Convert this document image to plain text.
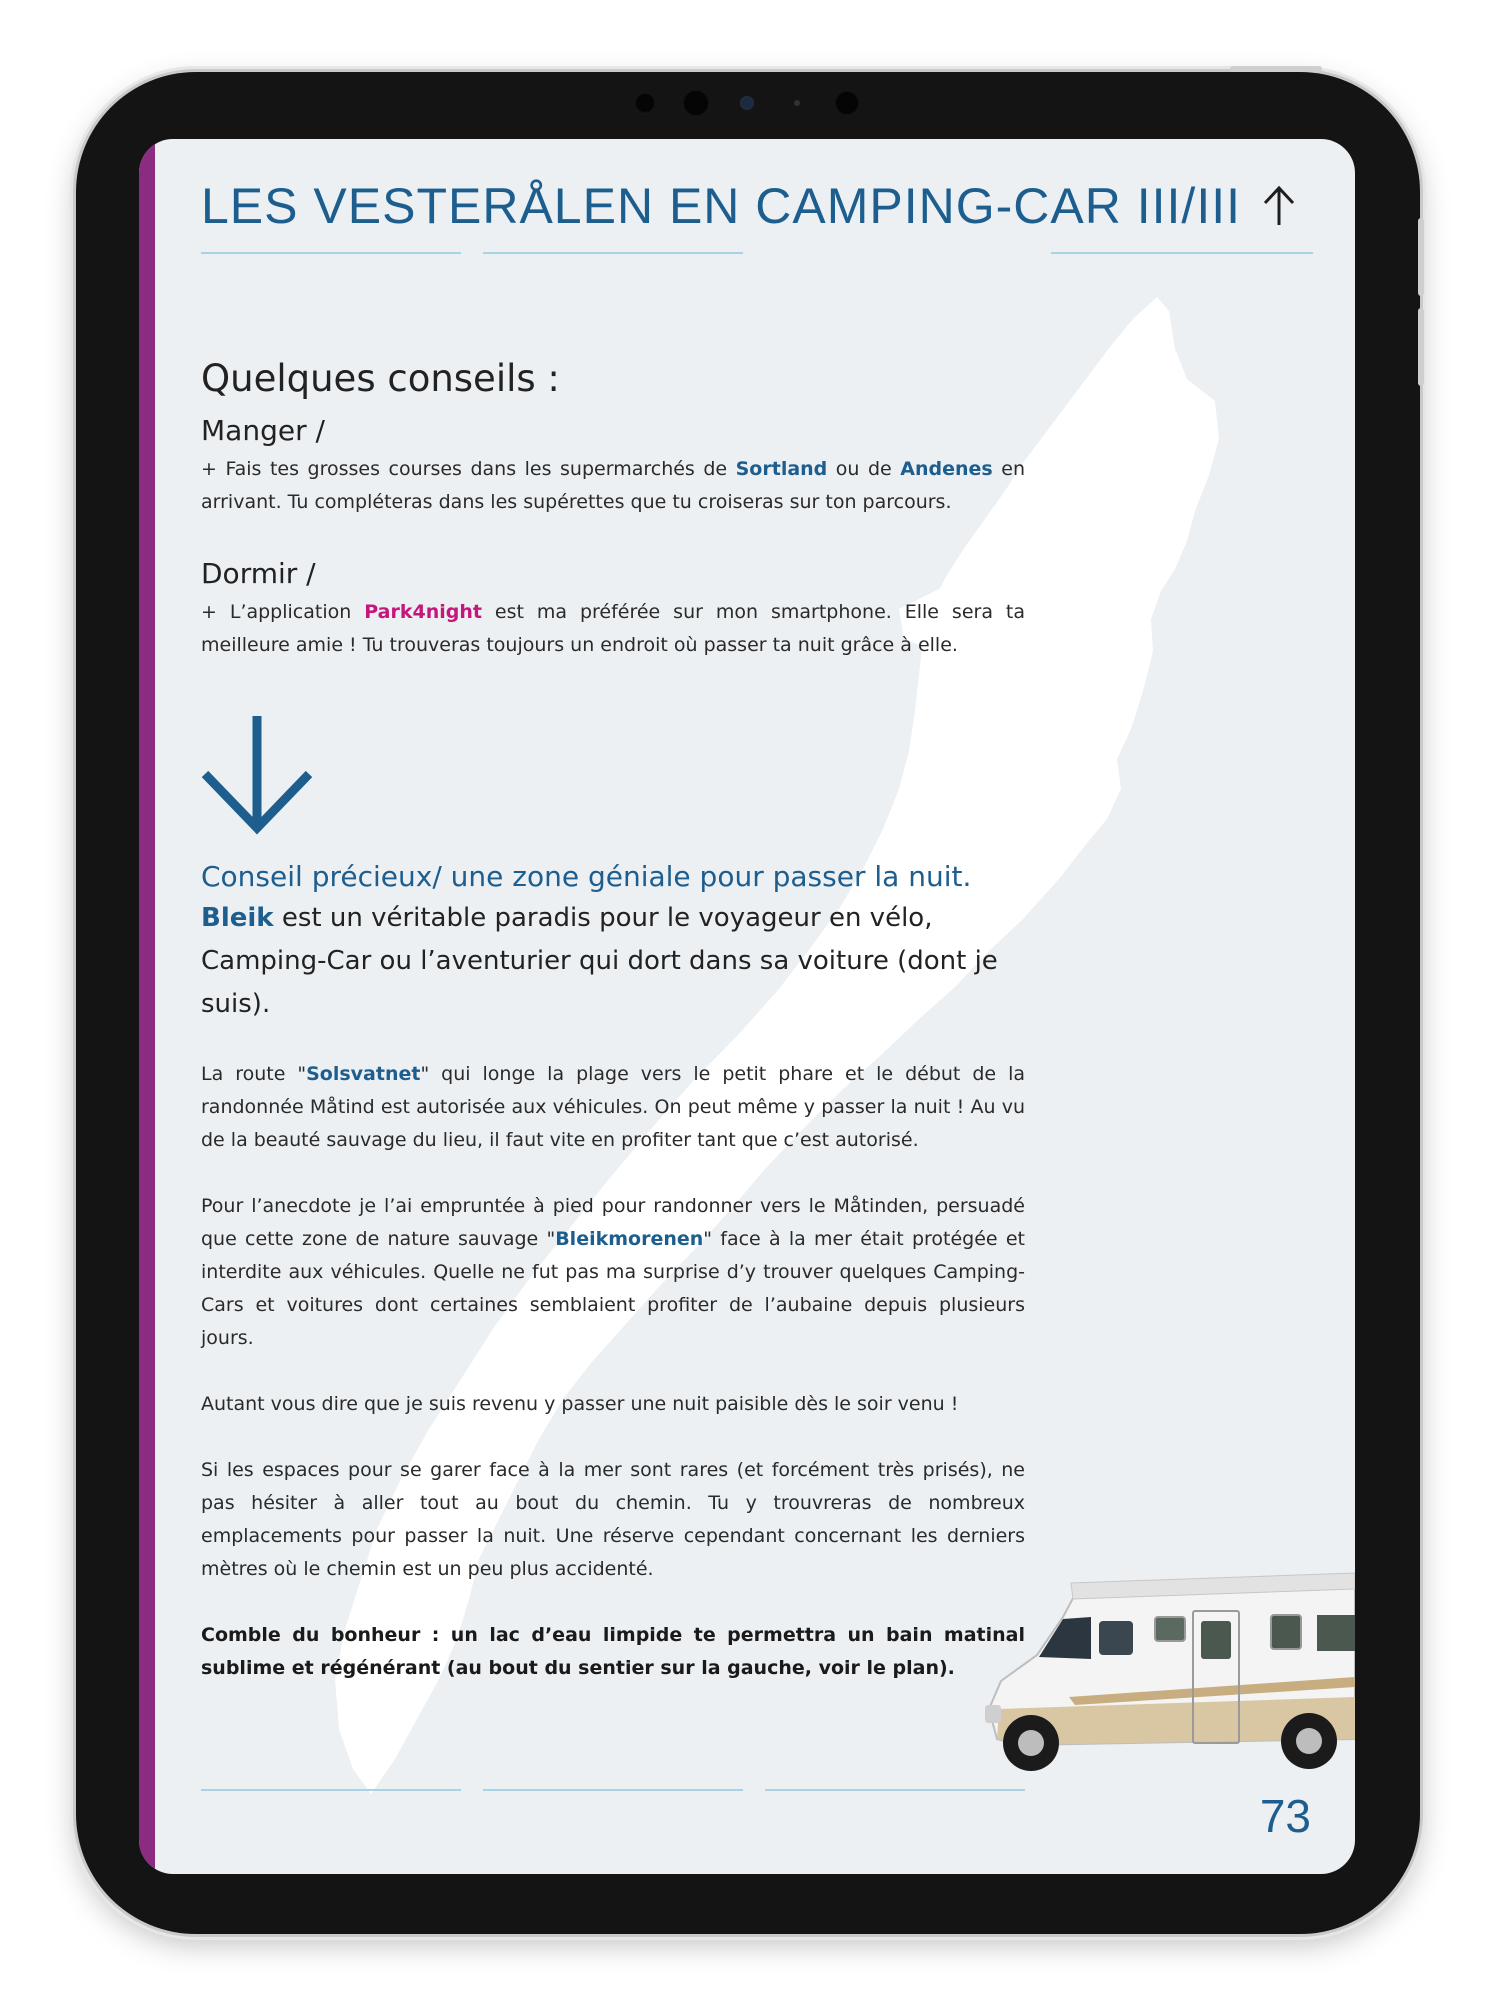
LES VESTERÅLEN EN CAMPING-CAR III/III
Quelques conseils :
Manger /

+ Fais tes grosses courses dans les supermarchés de Sortland ou de Andenes en arrivant. Tu compléteras dans les supérettes que tu croiseras sur ton parcours.

Dormir /

+ L’application Park4night est ma préférée sur mon smartphone. Elle sera ta meilleure amie ! Tu trouveras toujours un endroit où passer ta nuit grâce à elle.

Conseil précieux/ une zone géniale pour passer la nuit.

Bleik est un véritable paradis pour le voyageur en vélo, Camping-Car ou l’aventurier qui dort dans sa voiture (dont je suis).

La route "Solsvatnet" qui longe la plage vers le petit phare et le début de la randonnée Måtind est autorisée aux véhicules. On peut même y passer la nuit ! Au vu de la beauté sauvage du lieu, il faut vite en profiter tant que c’est autorisé.

Pour l’anecdote je l’ai empruntée à pied pour randonner vers le Måtinden, persuadé que cette zone de nature sauvage "Bleikmorenen" face à la mer était protégée et interdite aux véhicules. Quelle ne fut pas ma surprise d’y trouver quelques Camping-Cars et voitures dont certaines semblaient profiter de l’aubaine depuis plusieurs jours.

Autant vous dire que je suis revenu y passer une nuit paisible dès le soir venu !

Si les espaces pour se garer face à la mer sont rares (et forcément très prisés), ne pas hésiter à aller tout au bout du chemin. Tu y trouvreras de nombreux emplacements pour passer la nuit. Une réserve cependant concernant les derniers mètres où le chemin est un peu plus accidenté.

Comble du bonheur : un lac d’eau limpide te permettra un bain matinal sublime et régénérant (au bout du sentier sur la gauche, voir le plan).

73
